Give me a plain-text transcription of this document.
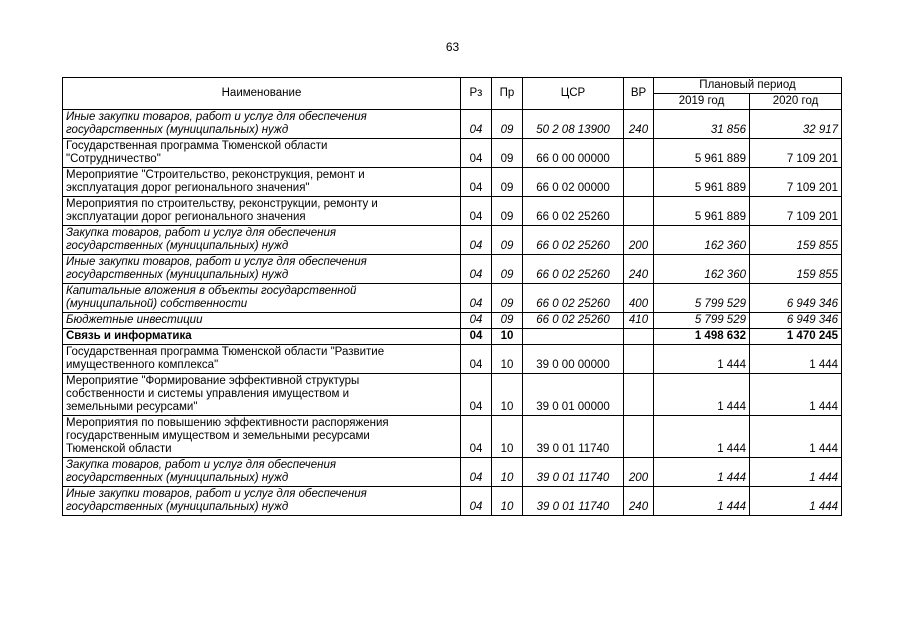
63
Наименование	Рз	Пр	ЦСР	ВР	Плановый период	
					2019 год	2020 год

Иные закупки товаров, работ и услуг для обеспечения
государственных (муниципальных) нужд	04	09	50 2 08 13900	240	31 856	32 917

Государственная программа Тюменской области
"Сотрудничество"	04	09	66 0 00 00000		5 961 889	7 109 201

Мероприятие "Строительство, реконструкция, ремонт и
эксплуатация дорог регионального значения"	04	09	66 0 02 00000		5 961 889	7 109 201

Мероприятия по строительству, реконструкции, ремонту и
эксплуатации дорог регионального значения	04	09	66 0 02 25260		5 961 889	7 109 201

Закупка товаров, работ и услуг для обеспечения
государственных (муниципальных) нужд	04	09	66 0 02 25260	200	162 360	159 855

Иные закупки товаров, работ и услуг для обеспечения
государственных (муниципальных) нужд	04	09	66 0 02 25260	240	162 360	159 855

Капитальные вложения в объекты государственной
(муниципальной) собственности	04	09	66 0 02 25260	400	5 799 529	6 949 346

Бюджетные инвестиции	04	09	66 0 02 25260	410	5 799 529	6 949 346

Связь и информатика	04	10			1 498 632	1 470 245

Государственная программа Тюменской области "Развитие
имущественного комплекса"	04	10	39 0 00 00000		1 444	1 444

Мероприятие "Формирование эффективной структуры
собственности и системы управления имуществом и
земельными ресурсами"	04	10	39 0 01 00000		1 444	1 444

Мероприятия по повышению эффективности распоряжения
государственным имуществом и земельными ресурсами
Тюменской области	04	10	39 0 01 11740		1 444	1 444

Закупка товаров, работ и услуг для обеспечения
государственных (муниципальных) нужд	04	10	39 0 01 11740	200	1 444	1 444

Иные закупки товаров, работ и услуг для обеспечения
государственных (муниципальных) нужд	04	10	39 0 01 11740	240	1 444	1 444
